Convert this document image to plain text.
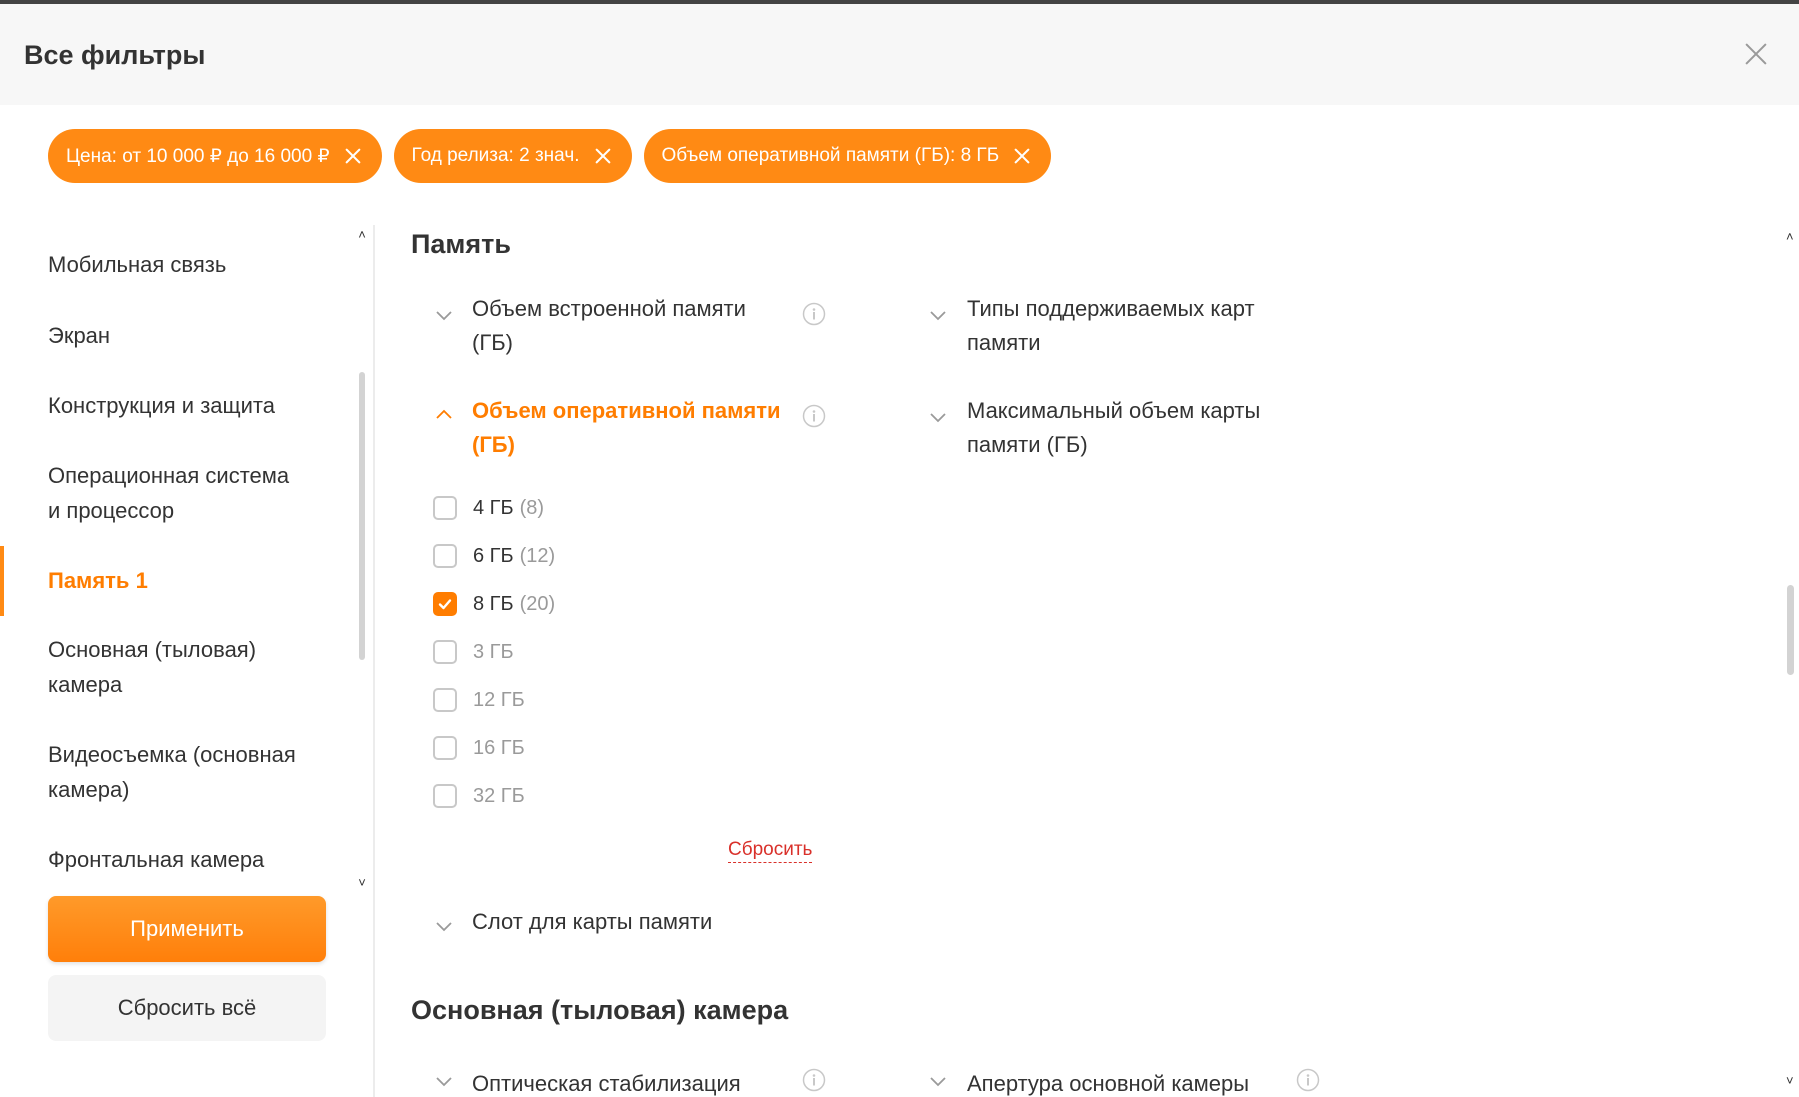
Все фильтры
Цена: от 10 000 ₽ до 16 000 ₽	Год релиза: 2 знач.	Объем оперативной памяти (ГБ): 8 ГБ
˄
˅
Мобильная связь
Экран
Конструкция и защита
Операционная система
и процессор
Память 1
Основная (тыловая)
камера
Видеосъемка (основная
камера)
Фронтальная камера
Применить
Сбросить всё
Память
Объем встроенной памяти
(ГБ)
Типы поддерживаемых карт
памяти
Объем оперативной памяти
(ГБ)
Максимальный объем карты
памяти (ГБ)
4 ГБ (8)
6 ГБ (12)
8 ГБ (20)
3 ГБ
12 ГБ
16 ГБ
32 ГБ
Сбросить
Слот для карты памяти
Основная (тыловая) камера
Оптическая стабилизация	Апертура основной камеры
˄
˅
